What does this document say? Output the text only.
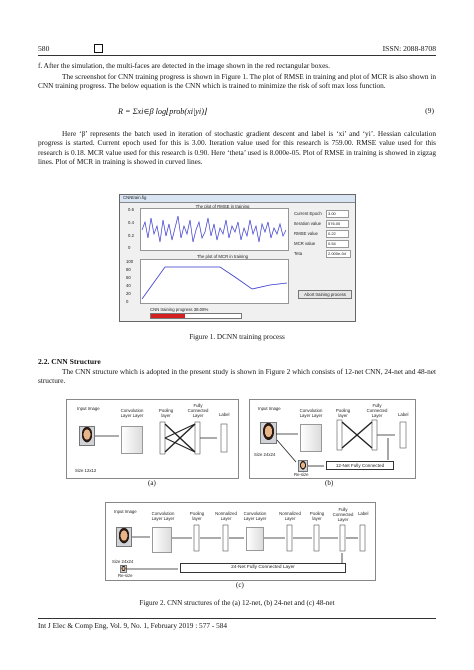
580	ISSN: 2088-8708
f. After the simulation, the multi-faces are detected in the image shown in the red rectangular boxes.
The screenshot for CNN training progress is shown in Figure 1. The plot of RMSE in training and plot of MCR is also shown in CNN training progress. The below equation is the CNN which is trained to minimize the risk of soft max loss function.
R = Σxi∈β log⌊prob(xi|yi)⌋	(9)
Here ‘β’ represents the batch used in iteration of stochastic gradient descent and label is ‘xi’ and ‘yi’. Hessian calculation progress is started. Current epoch used for this is 3.00. Iteration value used for this research is 759.00. RMSE value used for this research is 0.18. MCR value used for this research is 0.90. Here ‘theta’ used is 8.000e-05. Plot of RMSE in training is showed in zigzag lines. Plot of MCR in training is showed in curved lines.
CNNtrain.fig
The plot of RMSE in training
0.6
0.4
0.2
0
The plot of MCR in training
100
80
60
40
20
0
Current Epoch	3.00
Iteration value	576.00
RMSE value	0.22
MCR value	0.54
Teta	2.000e-04
Abort training process
CNN training progress 38.08%
Figure 1. DCNN training process
2.2. CNN Structure
The CNN structure which is adopted in the present study is shown in Figure 2 which consists of 12-net CNN, 24-net and 48-net structure.
Input Image
Size 12x12
Convolution Layer Layer
Pooling layer
Fully Connected Layer	Label
(a)
Input Image
Size 24x24
Re-size
Convolution Layer Layer
Pooling layer
Fully Connected Layer	Label
12-Net Fully Connected
(b)
Input Image
Size 24x24
Re-size
Convolution Layer Layer
Pooling layer
Normalized Layer
Convolution Layer Layer
Normalized Layer
Pooling layer
Fully Connected Layer
Label
24-Net Fully Connected Layer
(c)
Figure 2. CNN structures of the (a) 12-net, (b) 24-net and (c) 48-net
Int J Elec & Comp Eng, Vol. 9, No. 1, February 2019 : 577 - 584
